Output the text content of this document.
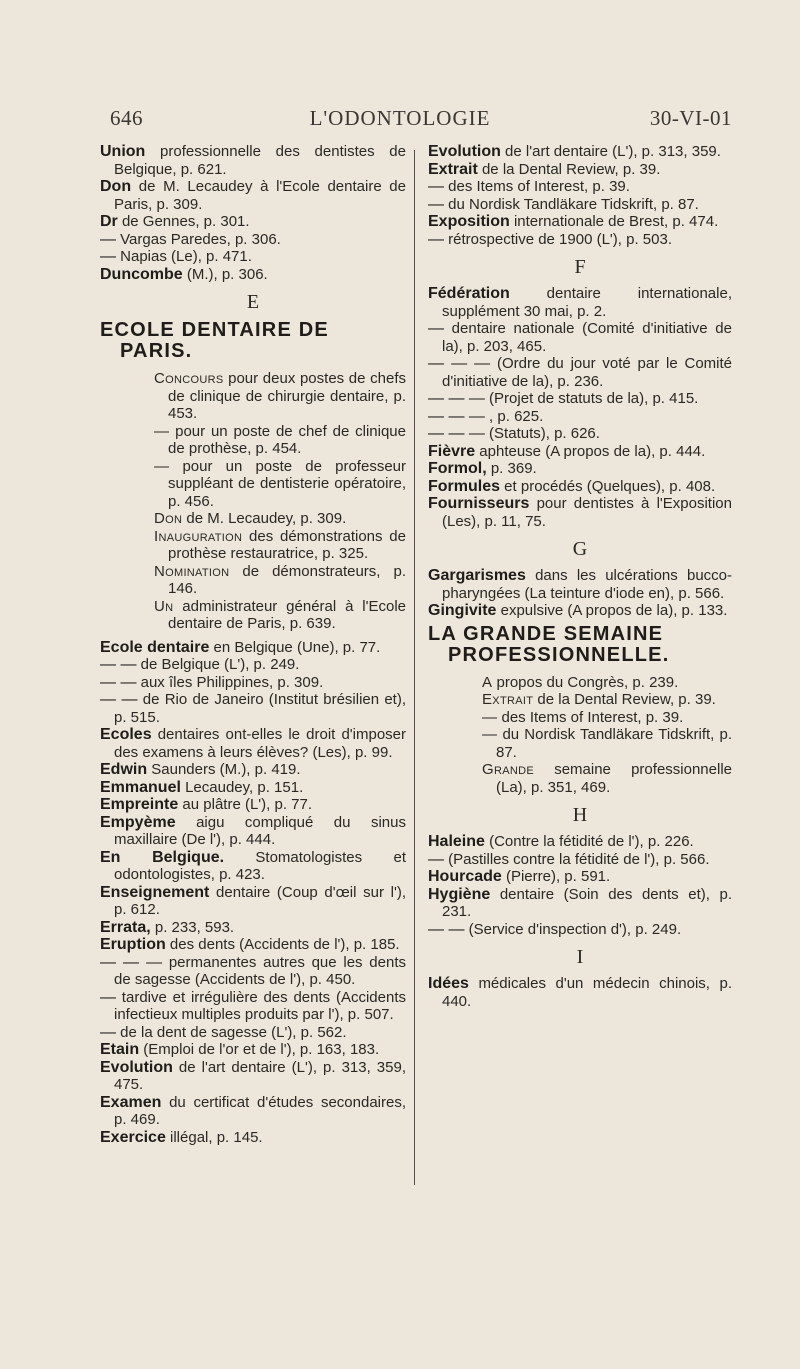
L'ODONTOLOGIE
646	30-VI-01
Union professionnelle des dentistes de Belgique, p. 621.
Don de M. Lecaudey à l'Ecole dentaire de Paris, p. 309.
Dr de Gennes, p. 301.
— Vargas Paredes, p. 306.
— Napias (Le), p. 471.
Duncombe (M.), p. 306.
E
ECOLE DENTAIRE DE PARIS.
Concours pour deux postes de chefs de clinique de chirurgie dentaire, p. 453.
— pour un poste de chef de clinique de prothèse, p. 454.
— pour un poste de professeur suppléant de dentisterie opératoire, p. 456.
Don de M. Lecaudey, p. 309.
Inauguration des démonstrations de prothèse restauratrice, p. 325.
Nomination de démonstrateurs, p. 146.
Un administrateur général à l'Ecole dentaire de Paris, p. 639.
Ecole dentaire en Belgique (Une), p. 77.
— — de Belgique (L'), p. 249.
— — aux îles Philippines, p. 309.
— — de Rio de Janeiro (Institut brésilien et), p. 515.
Ecoles dentaires ont-elles le droit d'imposer des examens à leurs élèves? (Les), p. 99.
Edwin Saunders (M.), p. 419.
Emmanuel Lecaudey, p. 151.
Empreinte au plâtre (L'), p. 77.
Empyème aigu compliqué du sinus maxillaire (De l'), p. 444.
En Belgique. Stomatologistes et odontologistes, p. 423.
Enseignement dentaire (Coup d'œil sur l'), p. 612.
Errata, p. 233, 593.
Eruption des dents (Accidents de l'), p. 185.
— — — permanentes autres que les dents de sagesse (Accidents de l'), p. 450.
— tardive et irrégulière des dents (Accidents infectieux multiples produits par l'), p. 507.
— de la dent de sagesse (L'), p. 562.
Etain (Emploi de l'or et de l'), p. 163, 183.
Evolution de l'art dentaire (L'), p. 313, 359, 475.
Examen du certificat d'études secondaires, p. 469.
Exercice illégal, p. 145.
Evolution de l'art dentaire (L'), p. 313, 359.
Extrait de la Dental Review, p. 39.
— des Items of Interest, p. 39.
— du Nordisk Tandläkare Tidskrift, p. 87.
Exposition internationale de Brest, p. 474.
— rétrospective de 1900 (L'), p. 503.
F
Fédération dentaire internationale, supplément 30 mai, p. 2.
— dentaire nationale (Comité d'initiative de la), p. 203, 465.
— — — (Ordre du jour voté par le Comité d'initiative de la), p. 236.
— — — (Projet de statuts de la), p. 415.
— — — , p. 625.
— — — (Statuts), p. 626.
Fièvre aphteuse (A propos de la), p. 444.
Formol, p. 369.
Formules et procédés (Quelques), p. 408.
Fournisseurs pour dentistes à l'Exposition (Les), p. 11, 75.
G
Gargarismes dans les ulcérations bucco-pharyngées (La teinture d'iode en), p. 566.
Gingivite expulsive (A propos de la), p. 133.
LA GRANDE SEMAINE PROFESSIONNELLE.
A propos du Congrès, p. 239.
Extrait de la Dental Review, p. 39.
— des Items of Interest, p. 39.
— du Nordisk Tandläkare Tidskrift, p. 87.
Grande semaine professionnelle (La), p. 351, 469.
H
Haleine (Contre la fétidité de l'), p. 226.
— (Pastilles contre la fétidité de l'), p. 566.
Hourcade (Pierre), p. 591.
Hygiène dentaire (Soin des dents et), p. 231.
— — (Service d'inspection d'), p. 249.
I
Idées médicales d'un médecin chinois, p. 440.
